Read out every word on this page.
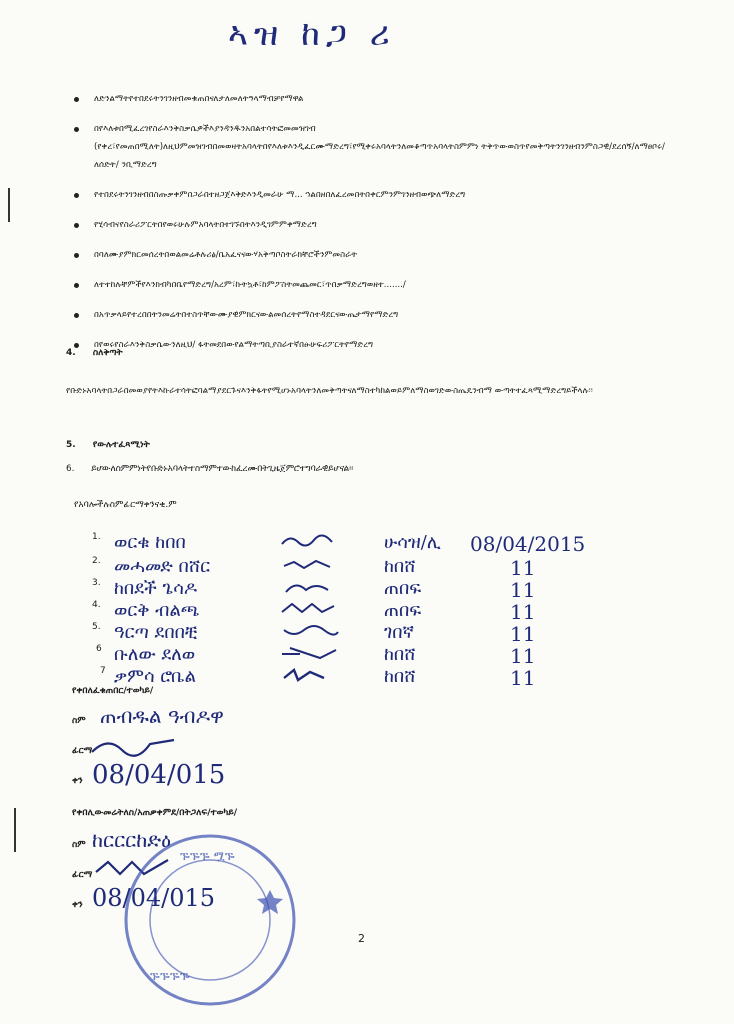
ኣዝ ከጋ ሪ
ለድንልማትየተበደሩትንገንዘብመቁጠበናለታለመለትዓላማብቻየማዋል
በየእለቱበሚፈረገየስራእንቅስቃሴዎችእያንዳንዱንአበልተሳትፎመመዝገብ (የቀረ፣የመጠበሚለት)ለዚህምመዝገብበመወዛትአባላትበየእለቱእንዲፈርሙማድረግ፣የሚቀሩአባላትንለመቆጣጥአባላትስምምነ ትቅጥውወስጥየመቅጣትንገንዘብንምስጋዊ/ደረሰኝ/ለማፀቦሩ/ለሰድት/ ንቢማድረግ
የተበደሩትንገንዘብበስጡቃቀምበጋራበተዘጋጀእቅድእንዲመራሁ ማ... ኀልበዘበለፈረመበትበቀርምንምገንዘብወጭለማድረግ
የሂሳብናየስራሪፖርትበየወሩሁሉምአባላትበተገኙበትእንዲገምምቀማድረግ
በባለሙያምክርመሰረትበወልመሬቶሉሪፅ/ቤአፈናናውሃአቅጣቦስትራክቸሮችንምመስራት
ለተተከሉቸምችየእንክብካበቤየማድረግ/አረም፣ኩትኳቶ፣ከምፖስትመጨመር፣ጥበቃማድረግወዘተ......./
በአጥቃላይየተረበበትንመሬትበተስጥቸውሙያዊምክርናውልመሰረትየማስተዳደርናውጤታማየማድረግ
በየወሩየስራእንቅስቃሴውንለዚህ/ ፋትመደበውየልማትጣቢያስራተኛበፁሁፍሪፖርትየማድረግ
4. ስለቅጣት
የቡድኑአባላትበጋራበመወያየትእኩራተሳትፎባልማያደርጉናእንቅፋትየሚሆኑአባላትንለመቅጣትናለማስተካከልወይምለማስወገድውስጤዴንብማ ውጣትተፈጻሚማድረግይችላሉ፡፡
5. የውሉተፈጻሚነት
6. ይሆውለስምምነትየቡድኑአባላትተስማምተውከፈረሙበትጊዜጀምሮተግባራዊይሆናል፡፡
የአባሎችሉስምፊርማቀንናቂ.ም
1. ወርቁ ከበበ	ሁሳዝ/ሊ 08/04/2015
2. መሓመድ በሸር	ከበሸ	11
3. ከበደች ጌሳዶ	ጠበፍ	11
4. ወርቅ ብልጫ	ጠበፍ	11
5. ዓርጣ ደበበቺ	ገበኛ	11
6 ቡለው ደለወ	ከበሸ	11
7 ቃምሳ ሮቤል	ከበሸ	11
የቀበለፈቁጠበር/ተወካይ/
ስም ጠብዱል ዓብዶዋ
ፊርማ
ቀን 08/04/015
የቀበሊውመሬትለስ/አጠቃቀምደ/በትጋለፍ/ተወካይ/
ስም ከርርርከድዕ
ፊርማ
ቀን 08/04/015
ᎏᎏᎏ ሟᎏ
ᎏᎏᎏᎏ
2
